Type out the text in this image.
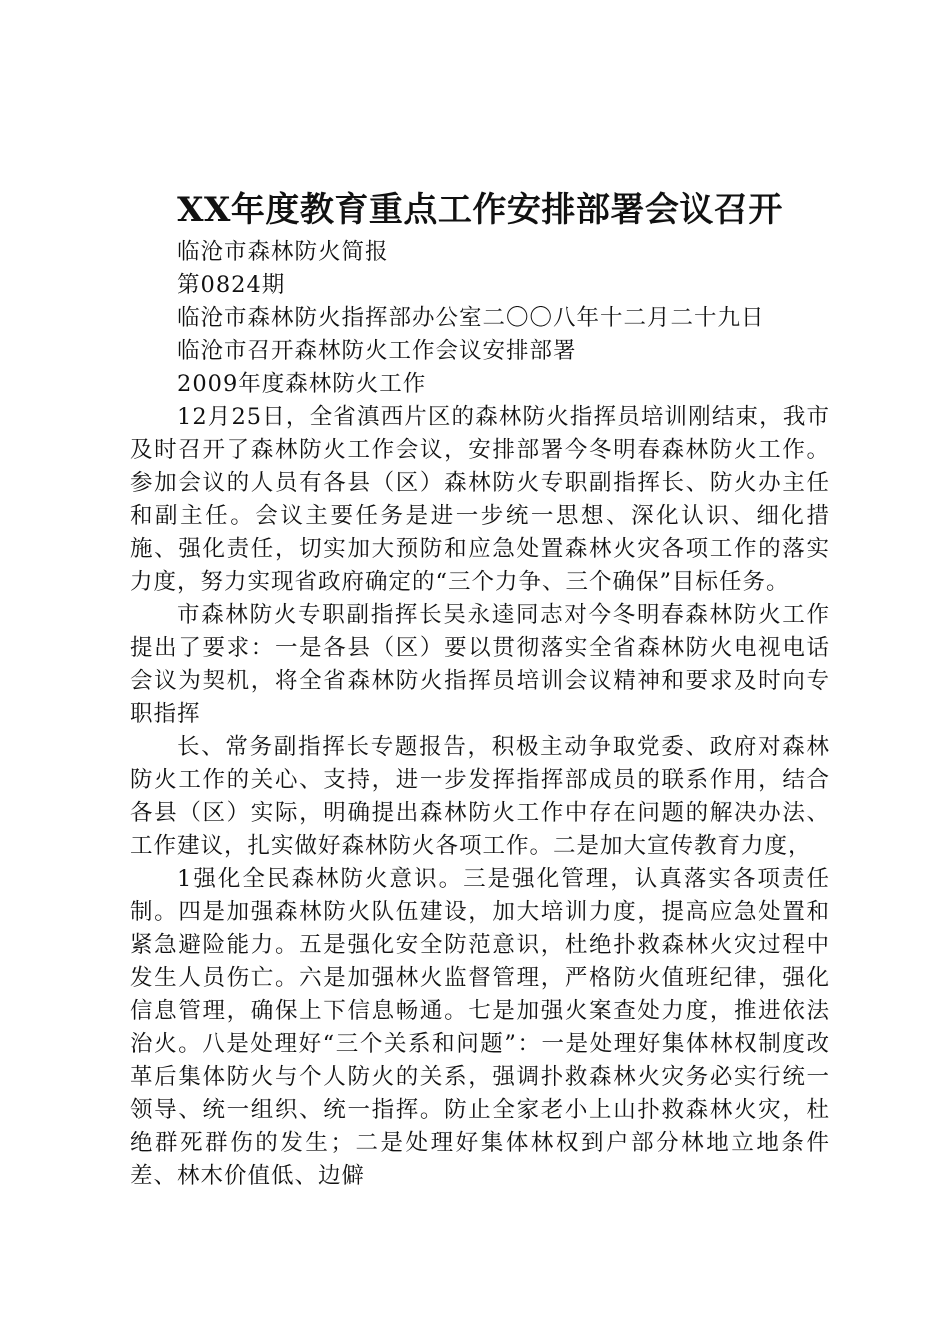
XX年度教育重点工作安排部署会议召开

临沧市森林防火简报

第0824期

临沧市森林防火指挥部办公室二〇〇八年十二月二十九日

临沧市召开森林防火工作会议安排部署

2009年度森林防火工作

12月25日，全省滇西片区的森林防火指挥员培训刚结束，我市及时召开了森林防火工作会议，安排部署今冬明春森林防火工作。参加会议的人员有各县（区）森林防火专职副指挥长、防火办主任和副主任。会议主要任务是进一步统一思想、深化认识、细化措施、强化责任，切实加大预防和应急处置森林火灾各项工作的落实力度，努力实现省政府确定的“三个力争、三个确保”目标任务。

市森林防火专职副指挥长吴永逵同志对今冬明春森林防火工作提出了要求：一是各县（区）要以贯彻落实全省森林防火电视电话会议为契机，将全省森林防火指挥员培训会议精神和要求及时向专职指挥

长、常务副指挥长专题报告，积极主动争取党委、政府对森林防火工作的关心、支持，进一步发挥指挥部成员的联系作用，结合各县（区）实际，明确提出森林防火工作中存在问题的解决办法、工作建议，扎实做好森林防火各项工作。二是加大宣传教育力度，

1强化全民森林防火意识。三是强化管理，认真落实各项责任制。四是加强森林防火队伍建设，加大培训力度，提高应急处置和紧急避险能力。五是强化安全防范意识，杜绝扑救森林火灾过程中发生人员伤亡。六是加强林火监督管理，严格防火值班纪律，强化信息管理，确保上下信息畅通。七是加强火案查处力度，推进依法治火。八是处理好“三个关系和问题”：一是处理好集体林权制度改革后集体防火与个人防火的关系，强调扑救森林火灾务必实行统一领导、统一组织、统一指挥。防止全家老小上山扑救森林火灾，杜绝群死群伤的发生；二是处理好集体林权到户部分林地立地条件差、林木价值低、边僻
